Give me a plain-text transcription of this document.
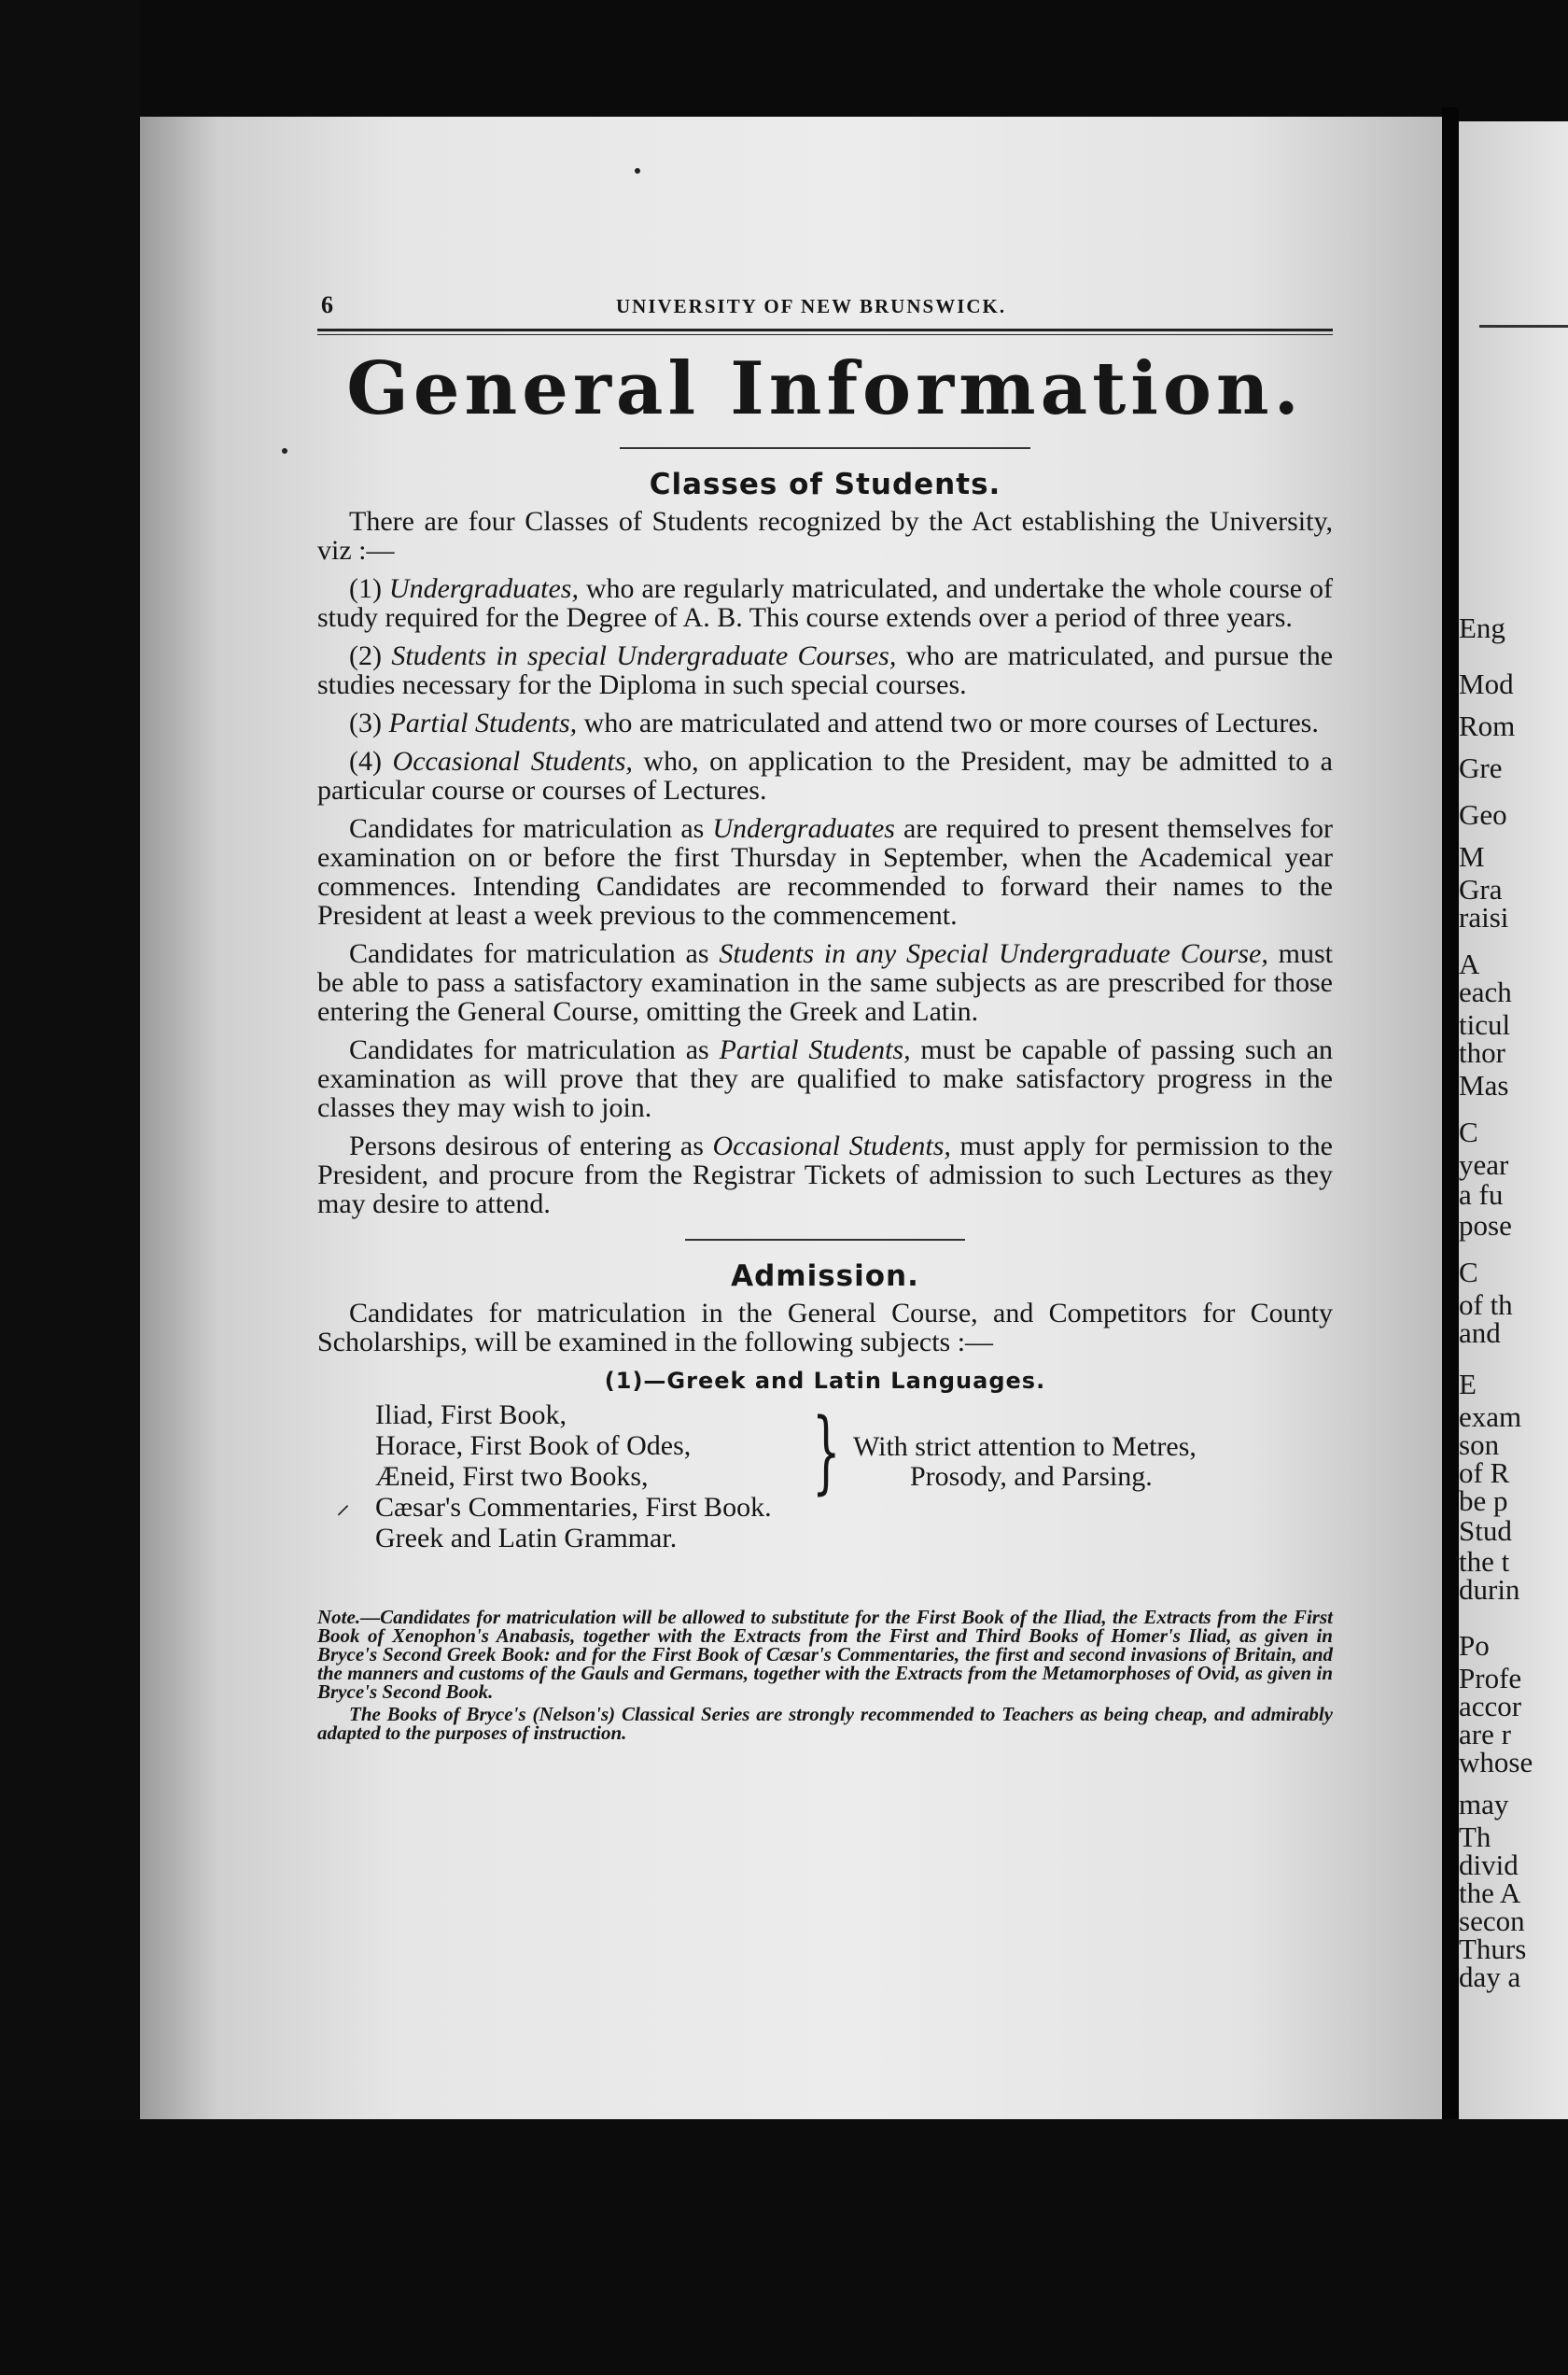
Eng
Mod
Rom
Gre
Geo
M
Gra
raisi
A
each
ticul
thor
Mas
C
year
a fu
pose
C
of th
and
E
exam
son
of R
be p
Stud
the t
durin
Po
Profe
accor
are r
whose
may
Th
divid
the A
secon
Thurs
day a
6	UNIVERSITY OF NEW BRUNSWICK.
General Information.
Classes of Students.

There are four Classes of Students recognized by the Act establishing the University, viz :—

(1) Undergraduates, who are regularly matriculated, and undertake the whole course of study required for the Degree of A. B. This course extends over a period of three years.

(2) Students in special Undergraduate Courses, who are matriculated, and pursue the studies necessary for the Diploma in such special courses.

(3) Partial Students, who are matriculated and attend two or more courses of Lectures.

(4) Occasional Students, who, on application to the President, may be admitted to a particular course or courses of Lectures.

Candidates for matriculation as Undergraduates are required to present themselves for examination on or before the first Thursday in September, when the Academical year commences. Intending Candidates are recommended to forward their names to the President at least a week previous to the commencement.

Candidates for matriculation as Students in any Special Undergraduate Course, must be able to pass a satisfactory examination in the same subjects as are prescribed for those entering the General Course, omitting the Greek and Latin.

Candidates for matriculation as Partial Students, must be capable of passing such an examination as will prove that they are qualified to make satisfactory progress in the classes they may wish to join.

Persons desirous of entering as Occasional Students, must apply for permission to the President, and procure from the Registrar Tickets of admission to such Lectures as they may desire to attend.

Admission.

Candidates for matriculation in the General Course, and Competitors for County Scholarships, will be examined in the following subjects :—

(1)—Greek and Latin Languages.
Iliad, First Book,
Horace, First Book of Odes,
Æneid, First two Books,
Cæsar's Commentaries, First Book.
Greek and Latin Grammar.
⸝
} With strict attention to Metres,
Prosody, and Parsing.
Note.—Candidates for matriculation will be allowed to substitute for the First Book of the Iliad, the Extracts from the First Book of Xenophon's Anabasis, together with the Extracts from the First and Third Books of Homer's Iliad, as given in Bryce's Second Greek Book: and for the First Book of Cæsar's Commentaries, the first and second invasions of Britain, and the manners and customs of the Gauls and Germans, together with the Extracts from the Metamorphoses of Ovid, as given in Bryce's Second Book.
The Books of Bryce's (Nelson's) Classical Series are strongly recommended to Teachers as being cheap, and admirably adapted to the purposes of instruction.
